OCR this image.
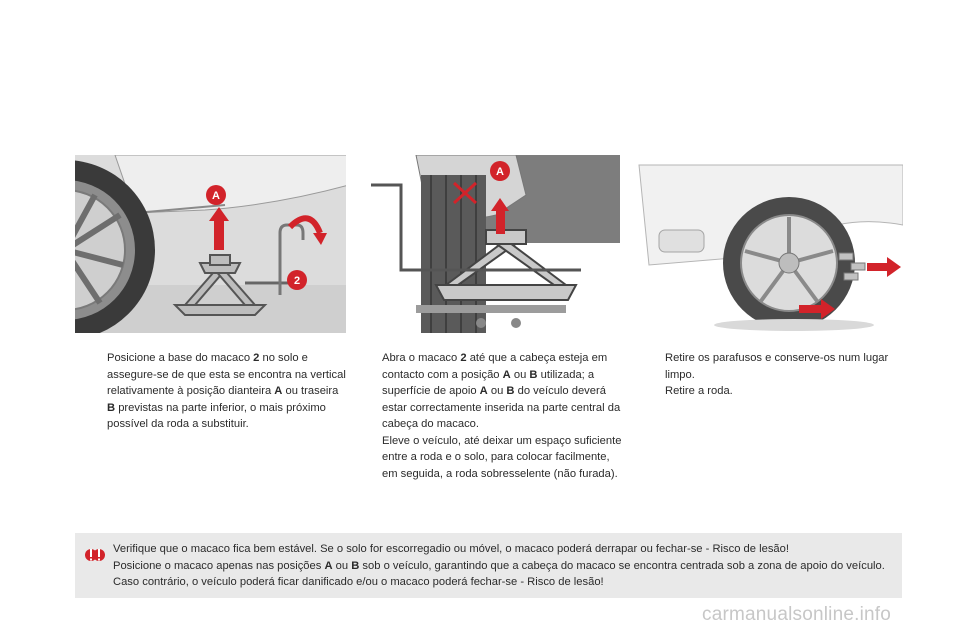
A
2
A
Posicione a base do macaco 2 no solo e assegure-se de que esta se encontra na vertical relativamente à posição dianteira A ou traseira B previstas na parte inferior, o mais próximo possível da roda a substituir.
Abra o macaco 2 até que a cabeça esteja em contacto com a posição A ou B utilizada; a superfície de apoio A ou B do veículo deverá estar correctamente inserida na parte central da cabeça do macaco.
Eleve o veículo, até deixar um espaço suficiente entre a roda e o solo, para colocar facilmente, em seguida, a roda sobresselente (não furada).
Retire os parafusos e conserve-os num lugar limpo.
Retire a roda.
Verifique que o macaco fica bem estável. Se o solo for escorregadio ou móvel, o macaco poderá derrapar ou fechar-se - Risco de lesão!
Posicione o macaco apenas nas posições A ou B sob o veículo, garantindo que a cabeça do macaco se encontra centrada sob a zona de apoio do veículo. Caso contrário, o veículo poderá ficar danificado e/ou o macaco poderá fechar-se - Risco de lesão!
carmanualsonline.info
